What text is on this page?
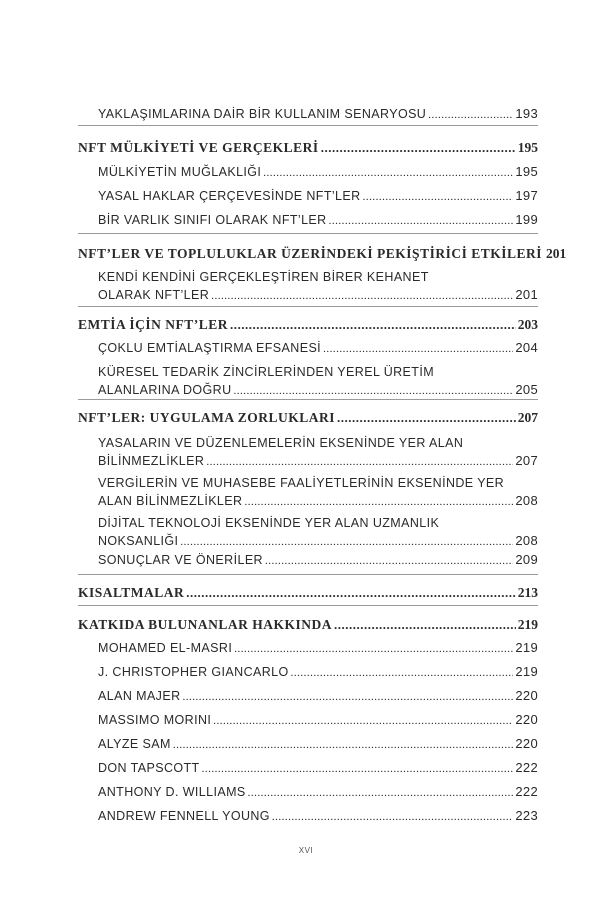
YAKLAŞIMLARINA DAİR BİR KULLANIM SENARYOSU .....	193
NFT MÜLKİYETİ VE GERÇEKLERİ .....	195
MÜLKİYETİN MUĞLAKLIĞI .....	195
YASAL HAKLAR ÇERÇEVESİNDE NFT’LER .....	197
BİR VARLIK SINIFI OLARAK NFT’LER .....	199
NFT’LER VE TOPLULUKLAR ÜZERİNDEKİ PEKİŞTİRİCİ ETKİLERİ 201
KENDİ KENDİNİ GERÇEKLEŞTİREN BİRER KEHANET
OLARAK NFT’LER .....	201
EMTİA İÇİN NFT’LER .....	203
ÇOKLU EMTİALAŞTIRMA EFSANESİ .....	204
KÜRESEL TEDARİK ZİNCİRLERİNDEN YEREL ÜRETİM
ALANLARINA DOĞRU .....	205
NFT’LER: UYGULAMA ZORLUKLARI .....	207
YASALARIN VE DÜZENLEMELERİN EKSENİNDE YER ALAN
BİLİNMEZLİKLER .....	207
VERGİLERİN VE MUHASEBE FAALİYETLERİNİN EKSENİNDE YER
ALAN BİLİNMEZLİKLER .....	208
DİJİTAL TEKNOLOJİ EKSENİNDE YER ALAN UZMANLIK
NOKSANLIĞI .....	208
SONUÇLAR VE ÖNERİLER .....	209
KISALTMALAR .....	213
KATKIDA BULUNANLAR HAKKINDA .....	219
MOHAMED EL-MASRI .....	219
J. CHRISTOPHER GIANCARLO .....	219
ALAN MAJER .....	220
MASSIMO MORINI .....	220
ALYZE SAM .....	220
DON TAPSCOTT .....	222
ANTHONY D. WILLIAMS .....	222
ANDREW FENNELL YOUNG .....	223
XVI
